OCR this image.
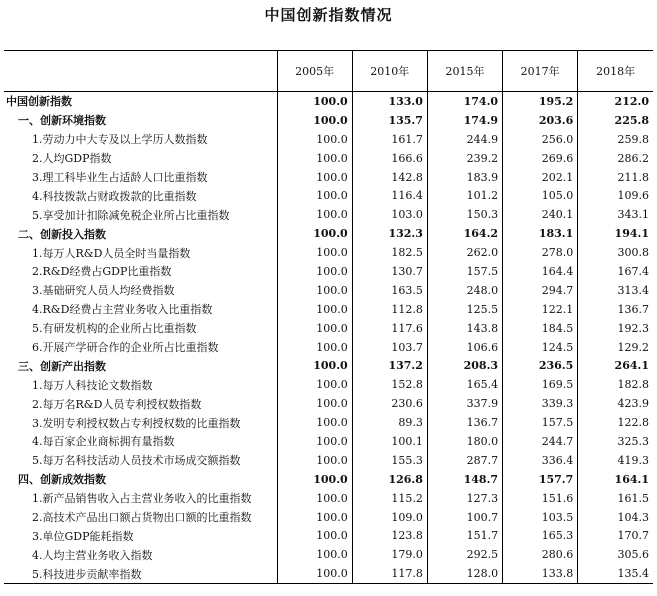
中国创新指数情况
	2005年	2010年	2015年	2017年	2018年
中国创新指数	100.0	133.0	174.0	195.2	212.0
一、创新环境指数	100.0	135.7	174.9	203.6	225.8
1.劳动力中大专及以上学历人数指数	100.0	161.7	244.9	256.0	259.8
2.人均GDP指数	100.0	166.6	239.2	269.6	286.2
3.理工科毕业生占适龄人口比重指数	100.0	142.8	183.9	202.1	211.8
4.科技拨款占财政拨款的比重指数	100.0	116.4	101.2	105.0	109.6
5.享受加计扣除减免税企业所占比重指数	100.0	103.0	150.3	240.1	343.1
二、创新投入指数	100.0	132.3	164.2	183.1	194.1
1.每万人R&D人员全时当量指数	100.0	182.5	262.0	278.0	300.8
2.R&D经费占GDP比重指数	100.0	130.7	157.5	164.4	167.4
3.基础研究人员人均经费指数	100.0	163.5	248.0	294.7	313.4
4.R&D经费占主营业务收入比重指数	100.0	112.8	125.5	122.1	136.7
5.有研发机构的企业所占比重指数	100.0	117.6	143.8	184.5	192.3
6.开展产学研合作的企业所占比重指数	100.0	103.7	106.6	124.5	129.2
三、创新产出指数	100.0	137.2	208.3	236.5	264.1
1.每万人科技论文数指数	100.0	152.8	165.4	169.5	182.8
2.每万名R&D人员专利授权数指数	100.0	230.6	337.9	339.3	423.9
3.发明专利授权数占专利授权数的比重指数	100.0	89.3	136.7	157.5	122.8
4.每百家企业商标拥有量指数	100.0	100.1	180.0	244.7	325.3
5.每万名科技活动人员技术市场成交额指数	100.0	155.3	287.7	336.4	419.3
四、创新成效指数	100.0	126.8	148.7	157.7	164.1
1.新产品销售收入占主营业务收入的比重指数	100.0	115.2	127.3	151.6	161.5
2.高技术产品出口额占货物出口额的比重指数	100.0	109.0	100.7	103.5	104.3
3.单位GDP能耗指数	100.0	123.8	151.7	165.3	170.7
4.人均主营业务收入指数	100.0	179.0	292.5	280.6	305.6
5.科技进步贡献率指数	100.0	117.8	128.0	133.8	135.4
